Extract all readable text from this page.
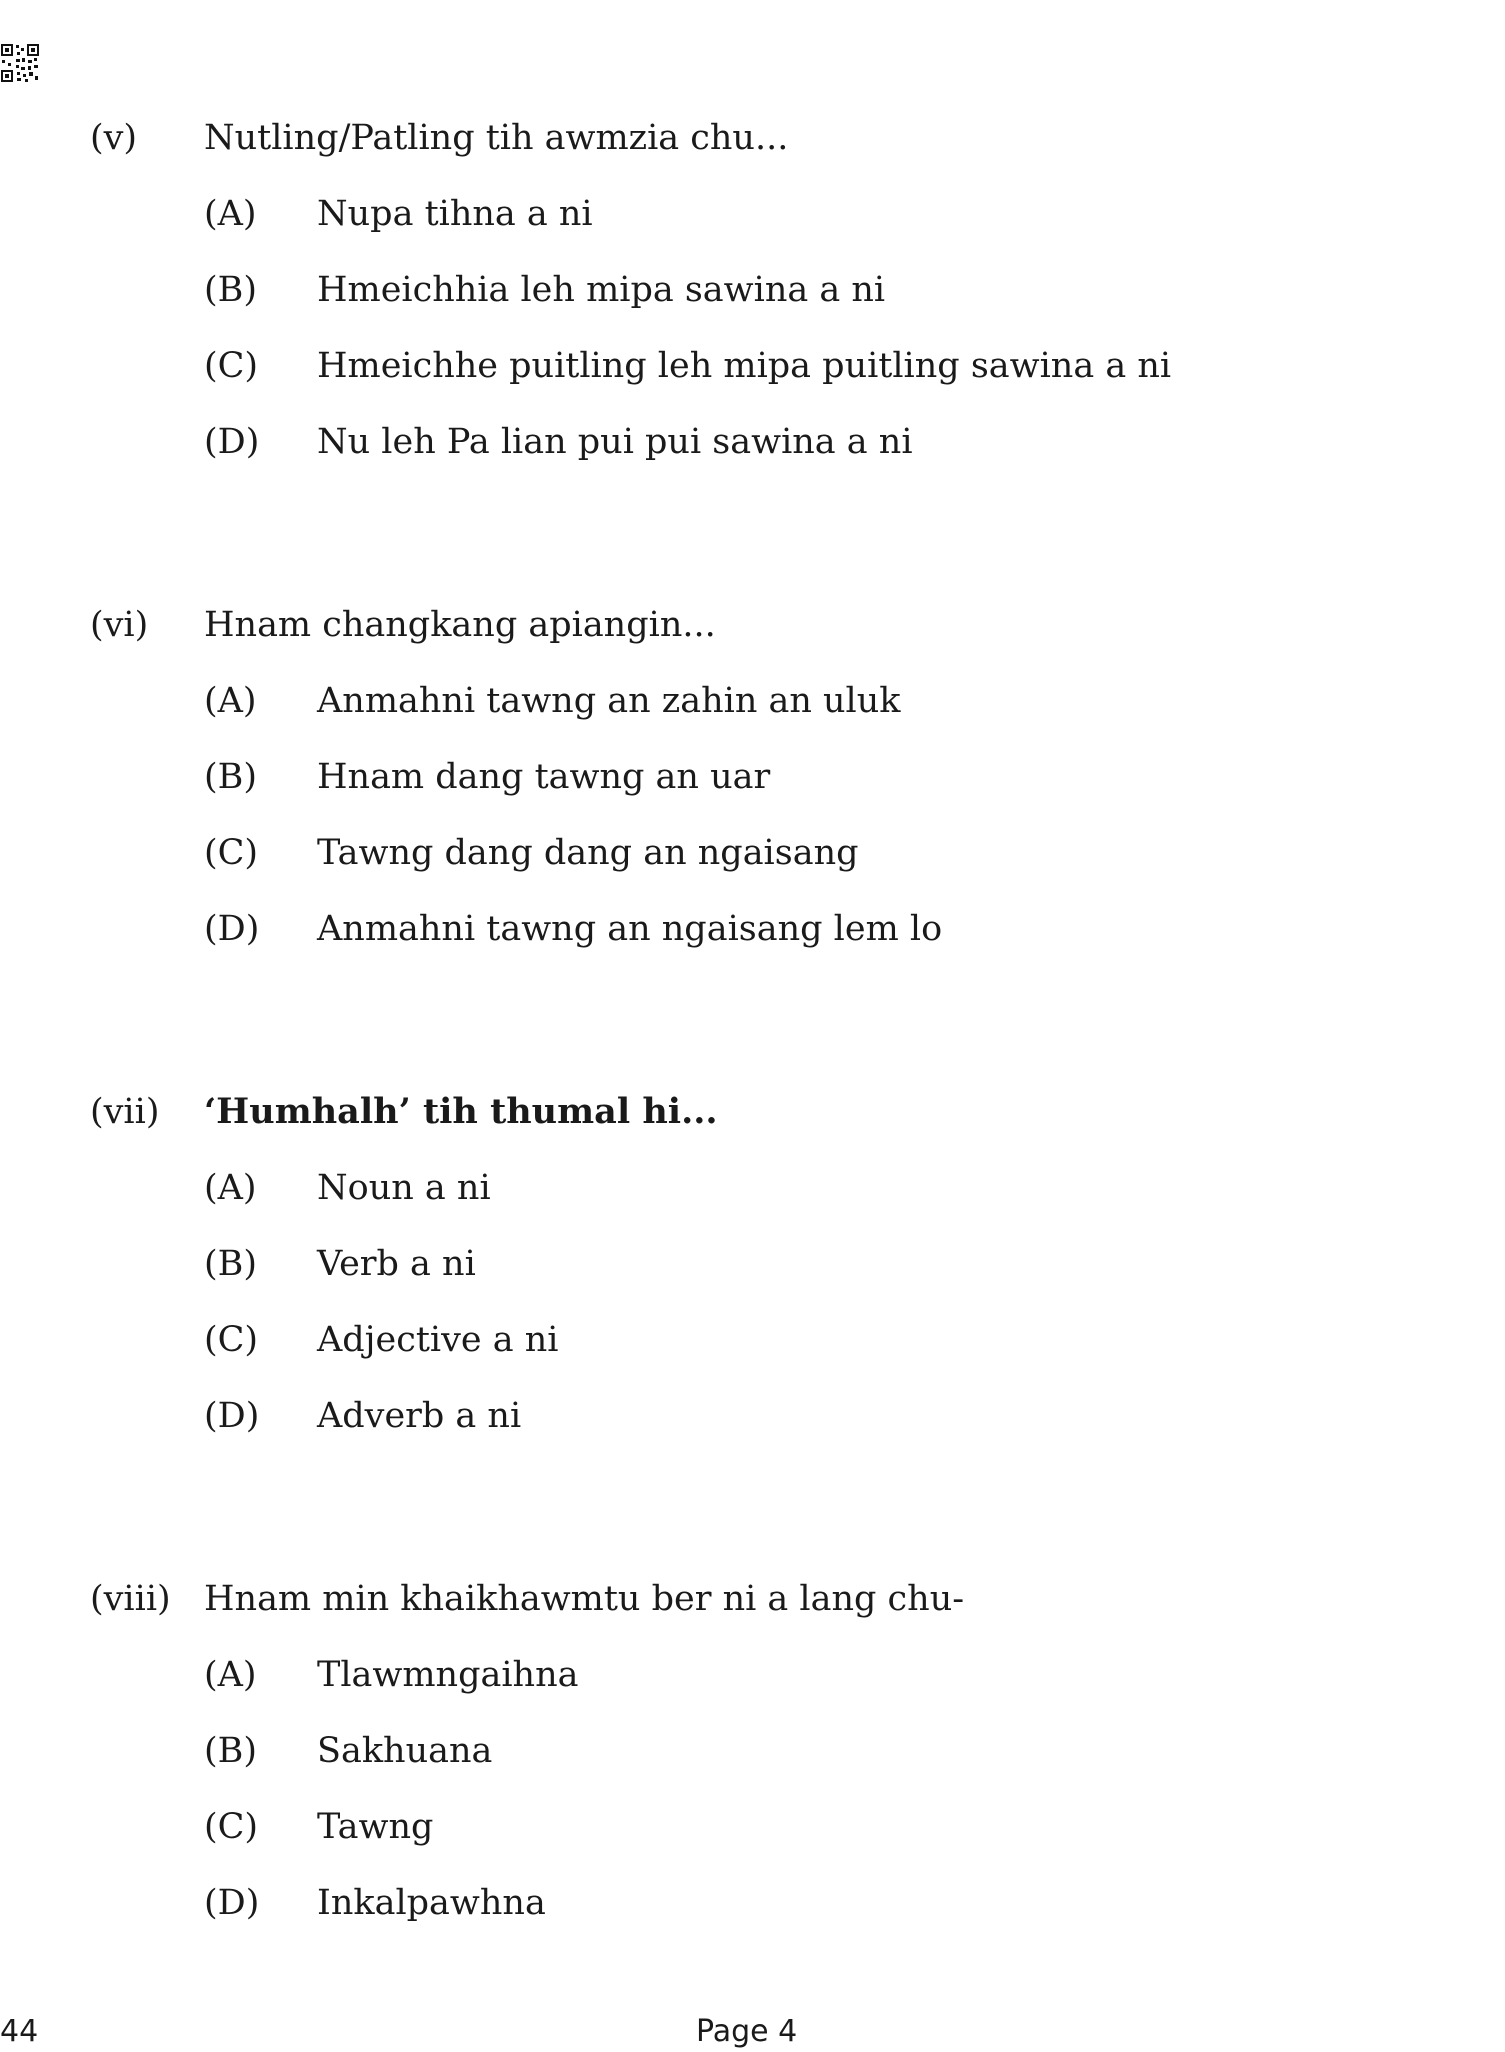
(v) Nutling/Patling tih awmzia chu...
(A) Nupa tihna a ni
(B) Hmeichhia leh mipa sawina a ni
(C) Hmeichhe puitling leh mipa puitling sawina a ni
(D) Nu leh Pa lian pui pui sawina a ni
(vi) Hnam changkang apiangin...
(A) Anmahni tawng an zahin an uluk
(B) Hnam dang tawng an uar
(C) Tawng dang dang an ngaisang
(D) Anmahni tawng an ngaisang lem lo
(vii) ‘Humhalh’ tih thumal hi...
(A) Noun a ni
(B) Verb a ni
(C) Adjective a ni
(D) Adverb a ni
(viii) Hnam min khaikhawmtu ber ni a lang chu-
(A) Tlawmngaihna
(B) Sakhuana
(C) Tawng
(D) Inkalpawhna
44	Page 4
